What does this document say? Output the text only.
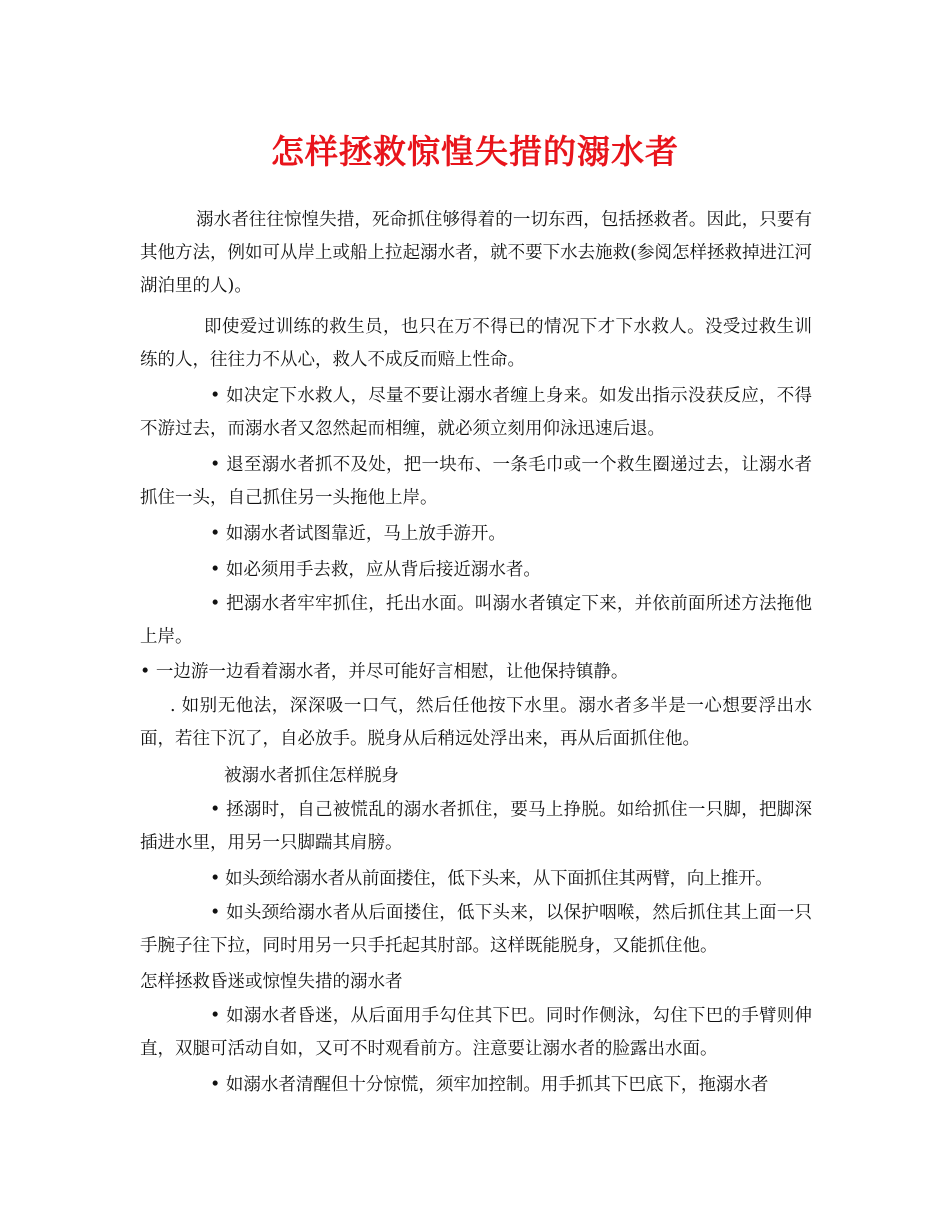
怎样拯救惊惶失措的溺水者

溺水者往往惊惶失措，死命抓住够得着的一切东西，包括拯救者。因此，只要有其他方法，例如可从岸上或船上拉起溺水者，就不要下水去施救(参阅怎样拯救掉进江河湖泊里的人)。

即使爱过训练的救生员，也只在万不得已的情况下才下水救人。没受过救生训练的人，往往力不从心，救人不成反而赔上性命。

• 如决定下水救人，尽量不要让溺水者缠上身来。如发出指示没获反应，不得不游过去，而溺水者又忽然起而相缠，就必须立刻用仰泳迅速后退。

• 退至溺水者抓不及处，把一块布、一条毛巾或一个救生圈递过去，让溺水者抓住一头，自己抓住另一头拖他上岸。

• 如溺水者试图靠近，马上放手游开。

• 如必须用手去救，应从背后接近溺水者。

• 把溺水者牢牢抓住，托出水面。叫溺水者镇定下来，并依前面所述方法拖他上岸。

• 一边游一边看着溺水者，并尽可能好言相慰，让他保持镇静。

. 如别无他法，深深吸一口气，然后任他按下水里。溺水者多半是一心想要浮出水面，若往下沉了，自必放手。脱身从后稍远处浮出来，再从后面抓住他。

被溺水者抓住怎样脱身

• 拯溺时，自己被慌乱的溺水者抓住，要马上挣脱。如给抓住一只脚，把脚深插进水里，用另一只脚踹其肩膀。

• 如头颈给溺水者从前面搂住，低下头来，从下面抓住其两臂，向上推开。

• 如头颈给溺水者从后面搂住，低下头来，以保护咽喉，然后抓住其上面一只手腕子往下拉，同时用另一只手托起其肘部。这样既能脱身，又能抓住他。

怎样拯救昏迷或惊惶失措的溺水者

• 如溺水者昏迷，从后面用手勾住其下巴。同时作侧泳，勾住下巴的手臂则伸直，双腿可活动自如，又可不时观看前方。注意要让溺水者的脸露出水面。

• 如溺水者清醒但十分惊慌，须牢加控制。用手抓其下巴底下，拖溺水者
